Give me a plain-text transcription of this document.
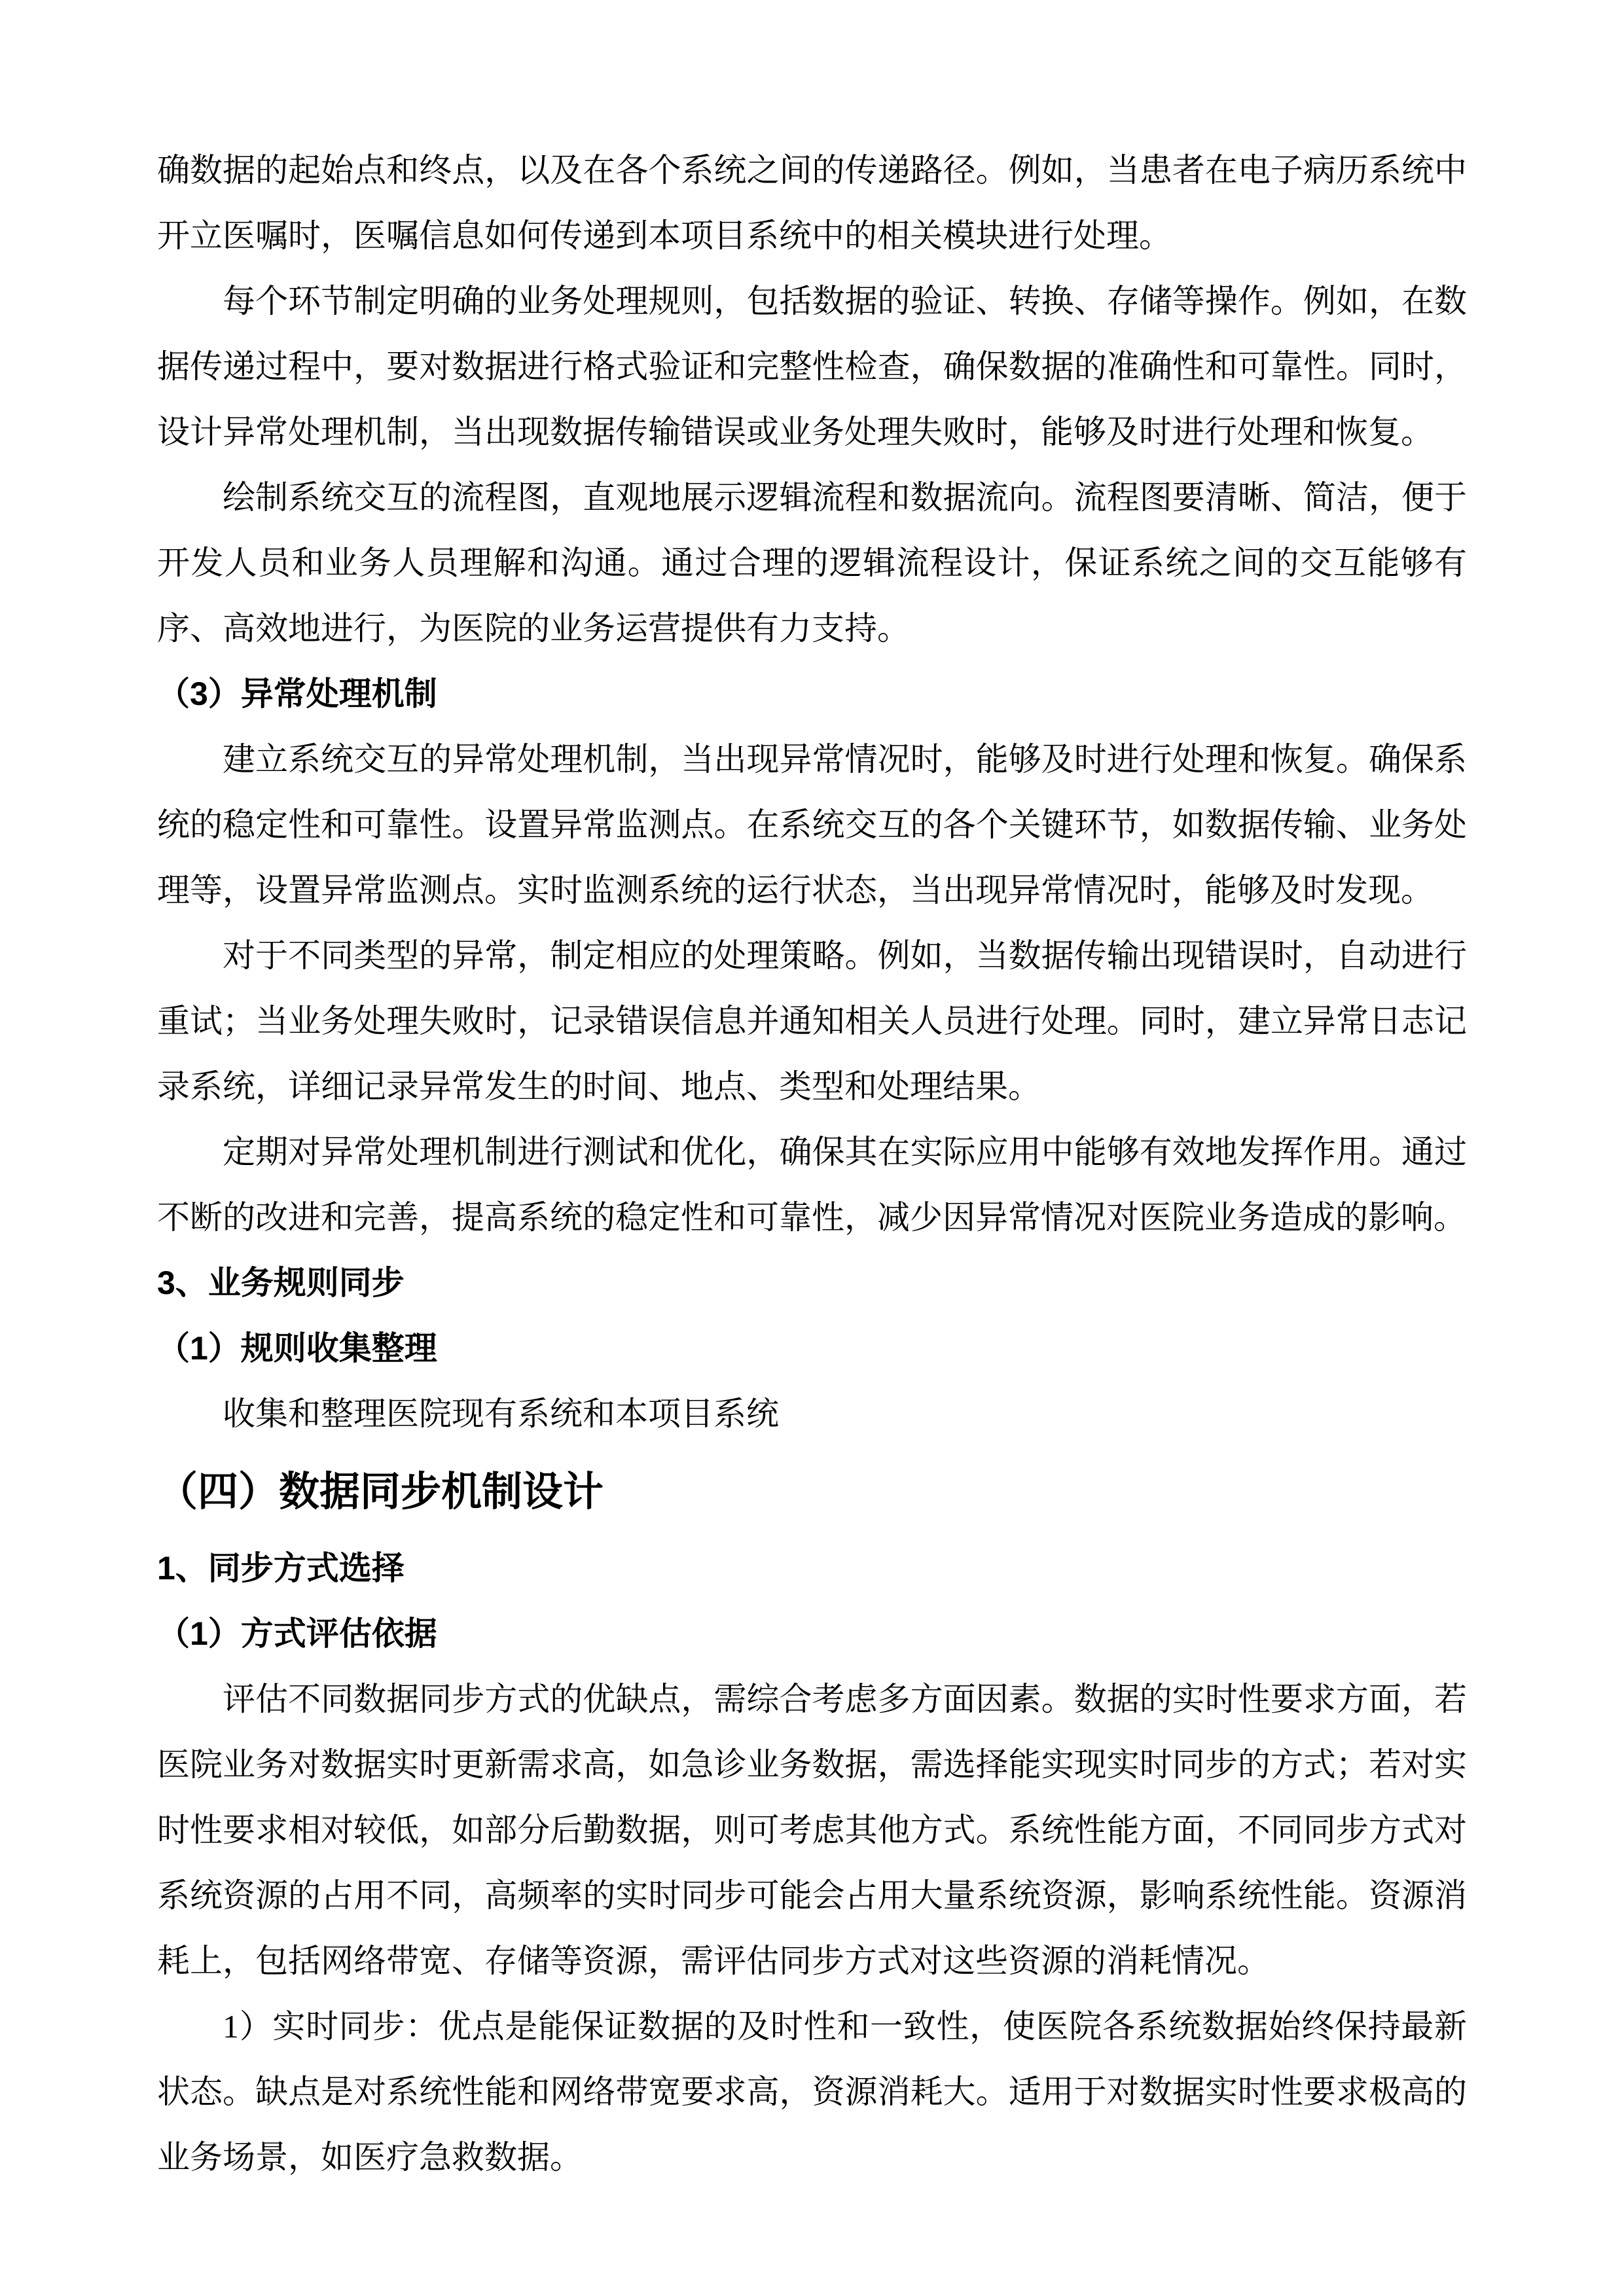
确数据的起始点和终点，以及在各个系统之间的传递路径。例如，当患者在电子病历系统中开立医嘱时，医嘱信息如何传递到本项目系统中的相关模块进行处理。

每个环节制定明确的业务处理规则，包括数据的验证、转换、存储等操作。例如，在数据传递过程中，要对数据进行格式验证和完整性检查，确保数据的准确性和可靠性。同时，设计异常处理机制，当出现数据传输错误或业务处理失败时，能够及时进行处理和恢复。

绘制系统交互的流程图，直观地展示逻辑流程和数据流向。流程图要清晰、简洁，便于开发人员和业务人员理解和沟通。通过合理的逻辑流程设计，保证系统之间的交互能够有序、高效地进行，为医院的业务运营提供有力支持。

（3）异常处理机制

建立系统交互的异常处理机制，当出现异常情况时，能够及时进行处理和恢复。确保系统的稳定性和可靠性。设置异常监测点。在系统交互的各个关键环节，如数据传输、业务处理等，设置异常监测点。实时监测系统的运行状态，当出现异常情况时，能够及时发现。

对于不同类型的异常，制定相应的处理策略。例如，当数据传输出现错误时，自动进行重试；当业务处理失败时，记录错误信息并通知相关人员进行处理。同时，建立异常日志记录系统，详细记录异常发生的时间、地点、类型和处理结果。

定期对异常处理机制进行测试和优化，确保其在实际应用中能够有效地发挥作用。通过不断的改进和完善，提高系统的稳定性和可靠性，减少因异常情况对医院业务造成的影响。

3、业务规则同步

（1）规则收集整理

收集和整理医院现有系统和本项目系统

（四）数据同步机制设计

1、同步方式选择

（1）方式评估依据

评估不同数据同步方式的优缺点，需综合考虑多方面因素。数据的实时性要求方面，若医院业务对数据实时更新需求高，如急诊业务数据，需选择能实现实时同步的方式；若对实时性要求相对较低，如部分后勤数据，则可考虑其他方式。系统性能方面，不同同步方式对系统资源的占用不同，高频率的实时同步可能会占用大量系统资源，影响系统性能。资源消耗上，包括网络带宽、存储等资源，需评估同步方式对这些资源的消耗情况。

1）实时同步：优点是能保证数据的及时性和一致性，使医院各系统数据始终保持最新状态。缺点是对系统性能和网络带宽要求高，资源消耗大。适用于对数据实时性要求极高的业务场景，如医疗急救数据。
